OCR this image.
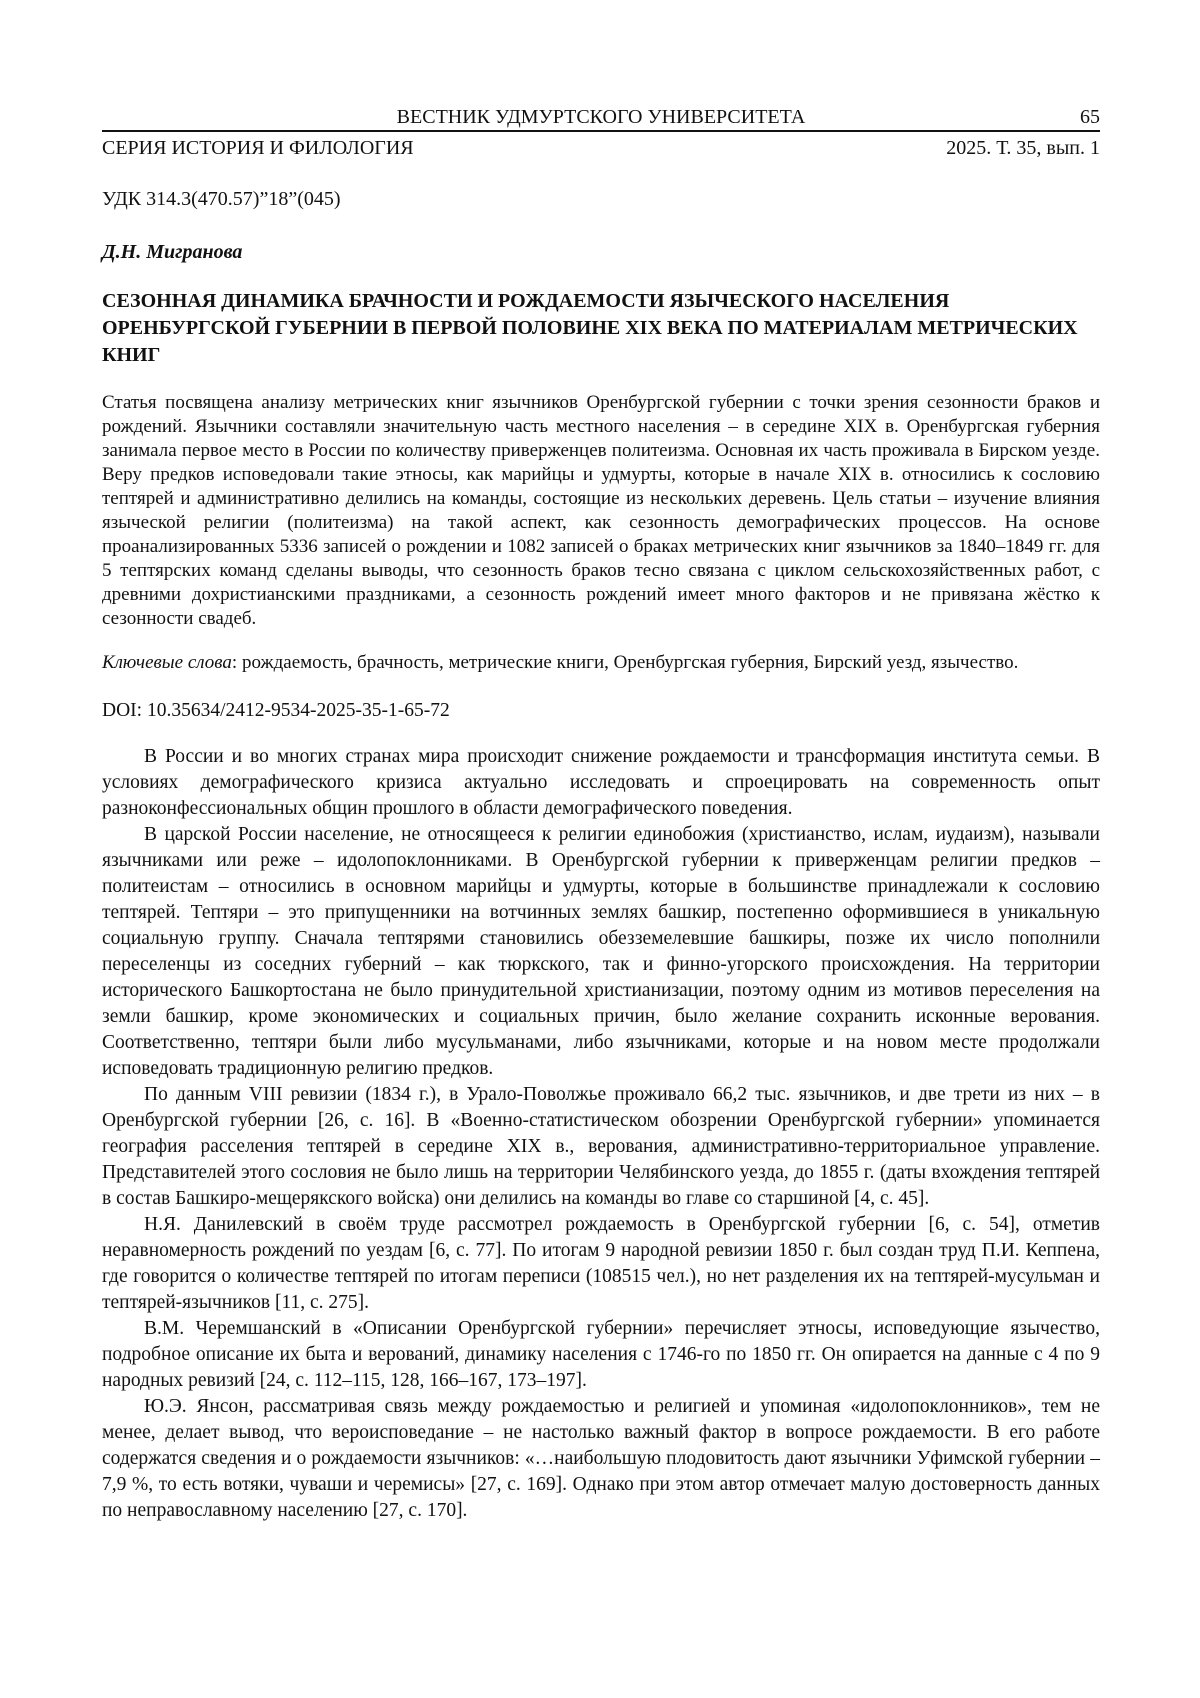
ВЕСТНИК УДМУРТСКОГО УНИВЕРСИТЕТА	65
СЕРИЯ ИСТОРИЯ И ФИЛОЛОГИЯ	2025. Т. 35, вып. 1
УДК 314.3(470.57)”18”(045)
Д.Н. Мигранова
СЕЗОННАЯ ДИНАМИКА БРАЧНОСТИ И РОЖДАЕМОСТИ ЯЗЫЧЕСКОГО НАСЕЛЕНИЯ ОРЕНБУРГСКОЙ ГУБЕРНИИ В ПЕРВОЙ ПОЛОВИНЕ XIX ВЕКА ПО МАТЕРИАЛАМ МЕТРИЧЕСКИХ КНИГ
Статья посвящена анализу метрических книг язычников Оренбургской губернии с точки зрения сезонности браков и рождений. Язычники составляли значительную часть местного населения – в середине XIX в. Оренбургская губерния занимала первое место в России по количеству приверженцев политеизма. Основная их часть проживала в Бирском уезде. Веру предков исповедовали такие этносы, как марийцы и удмурты, которые в начале XIX в. относились к сословию тептярей и административно делились на команды, состоящие из нескольких деревень. Цель статьи – изучение влияния языческой религии (политеизма) на такой аспект, как сезонность демографических процессов. На основе проанализированных 5336 записей о рождении и 1082 записей о браках метрических книг язычников за 1840–1849 гг. для 5 тептярских команд сделаны выводы, что сезонность браков тесно связана с циклом сельскохозяйственных работ, с древними дохристианскими праздниками, а сезонность рождений имеет много факторов и не привязана жёстко к сезонности свадеб.
Ключевые слова: рождаемость, брачность, метрические книги, Оренбургская губерния, Бирский уезд, язычество.
DOI: 10.35634/2412-9534-2025-35-1-65-72

В России и во многих странах мира происходит снижение рождаемости и трансформация института семьи. В условиях демографического кризиса актуально исследовать и спроецировать на современность опыт разноконфессиональных общин прошлого в области демографического поведения.

В царской России население, не относящееся к религии единобожия (христианство, ислам, иудаизм), называли язычниками или реже – идолопоклонниками. В Оренбургской губернии к приверженцам религии предков – политеистам – относились в основном марийцы и удмурты, которые в большинстве принадлежали к сословию тептярей. Тептяри – это припущенники на вотчинных землях башкир, постепенно оформившиеся в уникальную социальную группу. Сначала тептярями становились обезземелевшие башкиры, позже их число пополнили переселенцы из соседних губерний – как тюркского, так и финно-угорского происхождения. На территории исторического Башкортостана не было принудительной христианизации, поэтому одним из мотивов переселения на земли башкир, кроме экономических и социальных причин, было желание сохранить исконные верования. Соответственно, тептяри были либо мусульманами, либо язычниками, которые и на новом месте продолжали исповедовать традиционную религию предков.

По данным VIII ревизии (1834 г.), в Урало-Поволжье проживало 66,2 тыс. язычников, и две трети из них – в Оренбургской губернии [26, с. 16]. В «Военно-статистическом обозрении Оренбургской губернии» упоминается география расселения тептярей в середине XIX в., верования, административно-территориальное управление. Представителей этого сословия не было лишь на территории Челябинского уезда, до 1855 г. (даты вхождения тептярей в состав Башкиро-мещерякского войска) они делились на команды во главе со старшиной [4, с. 45].

Н.Я. Данилевский в своём труде рассмотрел рождаемость в Оренбургской губернии [6, с. 54], отметив неравномерность рождений по уездам [6, с. 77]. По итогам 9 народной ревизии 1850 г. был создан труд П.И. Кеппена, где говорится о количестве тептярей по итогам переписи (108515 чел.), но нет разделения их на тептярей-мусульман и тептярей-язычников [11, с. 275].

В.М. Черемшанский в «Описании Оренбургской губернии» перечисляет этносы, исповедующие язычество, подробное описание их быта и верований, динамику населения с 1746-го по 1850 гг. Он опирается на данные с 4 по 9 народных ревизий [24, с. 112–115, 128, 166–167, 173–197].

Ю.Э. Янсон, рассматривая связь между рождаемостью и религией и упоминая «идолопоклонников», тем не менее, делает вывод, что вероисповедание – не настолько важный фактор в вопросе рождаемости. В его работе содержатся сведения и о рождаемости язычников: «…наибольшую плодовитость дают язычники Уфимской губернии – 7,9 %, то есть вотяки, чуваши и черемисы» [27, с. 169]. Однако при этом автор отмечает малую достоверность данных по неправославному населению [27, с. 170].
